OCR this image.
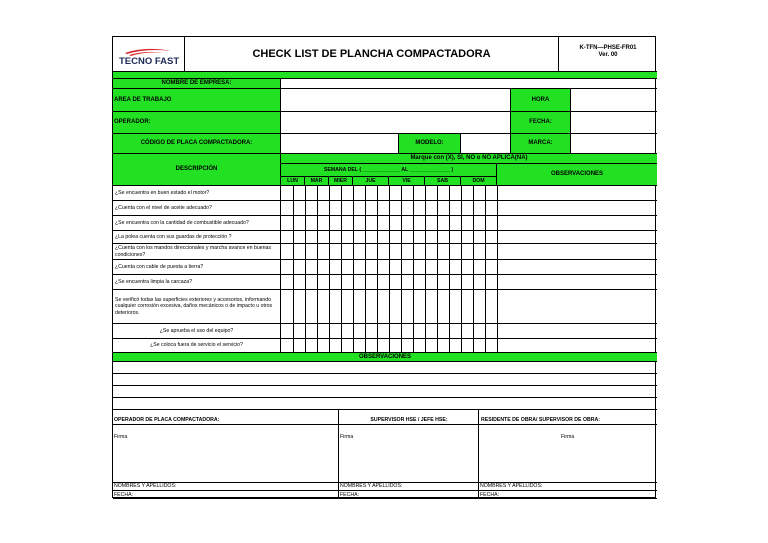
TECNO FAST
CHECK LIST DE PLANCHA COMPACTADORA	K-TFN—PHSE-FR01
Ver. 00
NOMBRE DE EMPRESA:
AREA DE TRABAJO	HORA
OPERADOR:	FECHA:
CÓDIGO DE PLACA COMPACTADORA:	MODELO:	MARCA:
DESCRIPCIÓN
Marque con (X), SÍ, NO o NO APLICA(NA)
SEMANA DEL ( _____________ AL ______________ )
OBSERVACIONES
LUN	MAR	MIER	JUE	VIE	SAB	DOM
¿Se encuentra en buen estado el motor?
¿Cuenta con el nivel de aceite adecuado?
¿Se encuentra con la cantidad de combustible adecuado?
¿La polea cuenta con sus guardas de protección ?
¿Cuenta con los mandos direccionales y marcha avance en buenas condiciones?
¿Cuenta con cable de puesta a tierra?
¿Se encuentra limpia la carcaza?
Se verificó todas las superficies exteriores y accesorios, informando cualquier corrosión excesiva, daños mecánicos o de impacto u otros deterioros.
¿Se aprueba el uso del equipo?
¿Se coloca fuera de servicio el servicio?
OBSERVACIONES
OPERADOR DE PLACA COMPACTADORA:
Firma
NOMBRES Y APELLIDOS:
FECHA:
SUPERVISOR HSE / JEFE HSE:
Firma
NOMBRES Y APELLIDOS:
FECHA:
RESIDENTE DE OBRA/ SUPERVISOR DE OBRA:
Firma
NOMBRES Y APELLIDOS:
FECHA:
